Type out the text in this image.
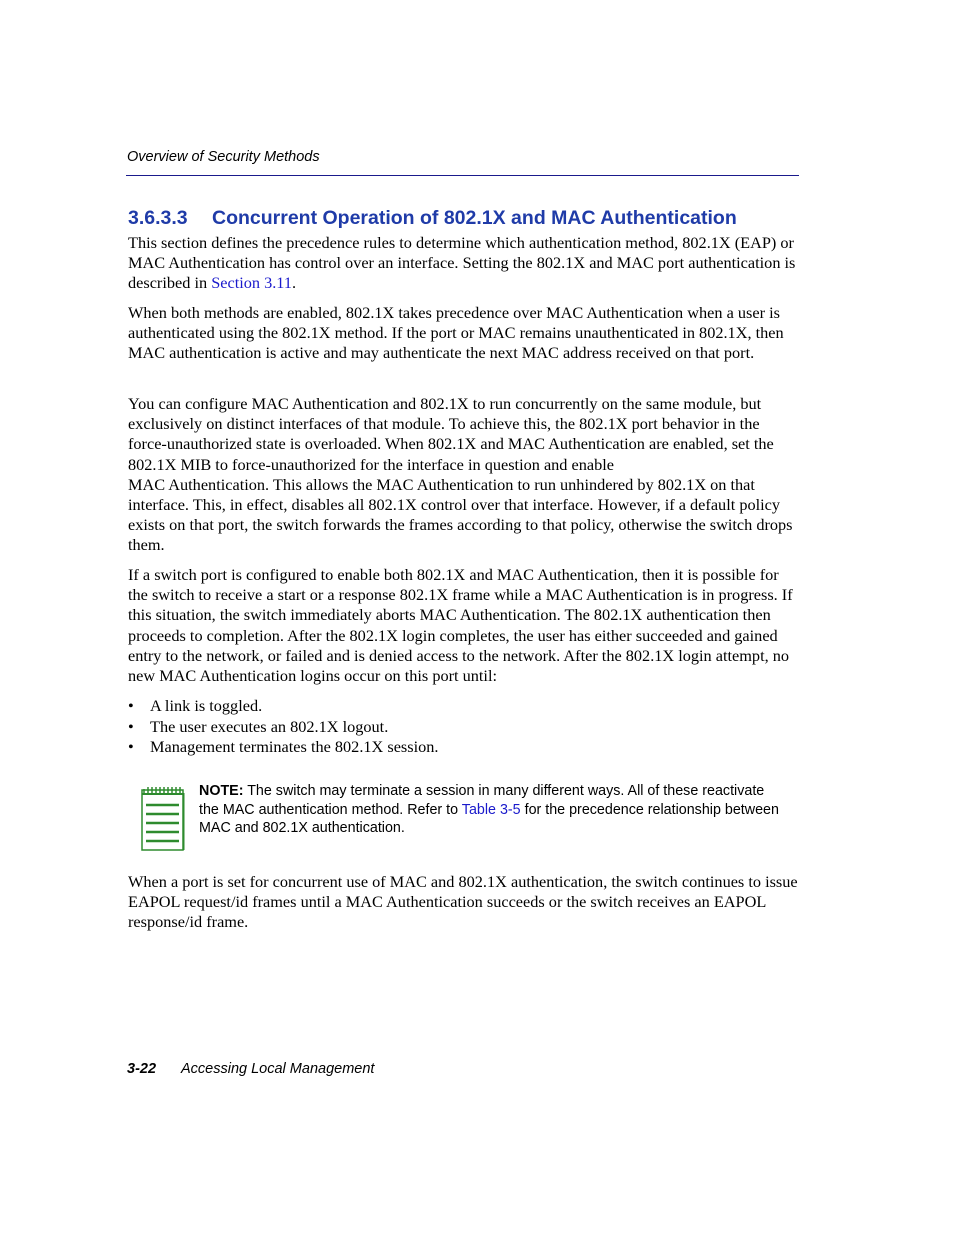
Overview of Security Methods
3.6.3.3 Concurrent Operation of 802.1X and MAC Authentication

This section defines the precedence rules to determine which authentication method, 802.1X (EAP) or MAC Authentication has control over an interface. Setting the 802.1X and MAC port authentication is described in Section 3.11.

When both methods are enabled, 802.1X takes precedence over MAC Authentication when a user is authenticated using the 802.1X method. If the port or MAC remains unauthenticated in 802.1X, then MAC authentication is active and may authenticate the next MAC address received on that port.

You can configure MAC Authentication and 802.1X to run concurrently on the same module, but exclusively on distinct interfaces of that module. To achieve this, the 802.1X port behavior in the force-unauthorized state is overloaded. When 802.1X and MAC Authentication are enabled, set the 802.1X MIB to force-unauthorized for the interface in question and enable
MAC Authentication. This allows the MAC Authentication to run unhindered by 802.1X on that interface. This, in effect, disables all 802.1X control over that interface. However, if a default policy exists on that port, the switch forwards the frames according to that policy, otherwise the switch drops them.

If a switch port is configured to enable both 802.1X and MAC Authentication, then it is possible for the switch to receive a start or a response 802.1X frame while a MAC Authentication is in progress. If this situation, the switch immediately aborts MAC Authentication. The 802.1X authentication then proceeds to completion. After the 802.1X login completes, the user has either succeeded and gained entry to the network, or failed and is denied access to the network. After the 802.1X login attempt, no new MAC Authentication logins occur on this port until:

• A link is toggled.
• The user executes an 802.1X logout.
• Management terminates the 802.1X session.

NOTE: The switch may terminate a session in many different ways. All of these reactivate the MAC authentication method. Refer to Table 3-5 for the precedence relationship between MAC and 802.1X authentication.

When a port is set for concurrent use of MAC and 802.1X authentication, the switch continues to issue EAPOL request/id frames until a MAC Authentication succeeds or the switch receives an EAPOL response/id frame.

3-22 Accessing Local Management
